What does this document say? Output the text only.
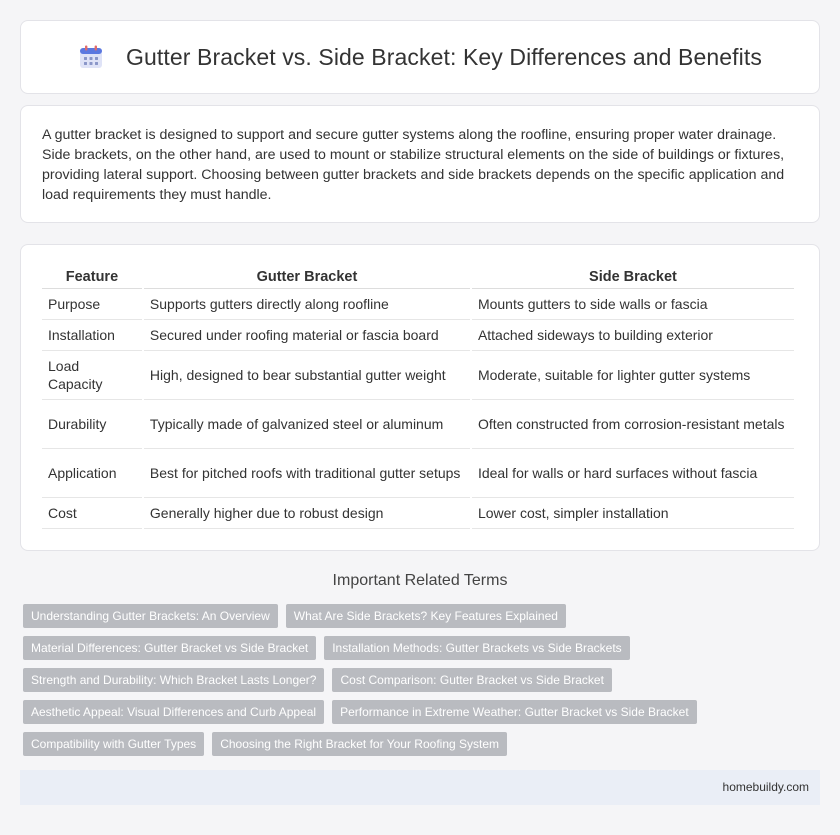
Gutter Bracket vs. Side Bracket: Key Differences and Benefits

A gutter bracket is designed to support and secure gutter systems along the roofline, ensuring proper water drainage. Side brackets, on the other hand, are used to mount or stabilize structural elements on the side of buildings or fixtures, providing lateral support. Choosing between gutter brackets and side brackets depends on the specific application and load requirements they must handle.

Feature	Gutter Bracket	Side Bracket
Purpose	Supports gutters directly along roofline	Mounts gutters to side walls or fascia
Installation	Secured under roofing material or fascia board	Attached sideways to building exterior
Load Capacity	High, designed to bear substantial gutter weight	Moderate, suitable for lighter gutter systems
Durability	Typically made of galvanized steel or aluminum	Often constructed from corrosion-resistant metals
Application	Best for pitched roofs with traditional gutter setups	Ideal for walls or hard surfaces without fascia
Cost	Generally higher due to robust design	Lower cost, simpler installation
Important Related Terms
Understanding Gutter Brackets: An Overview	What Are Side Brackets? Key Features Explained
Material Differences: Gutter Bracket vs Side Bracket	Installation Methods: Gutter Brackets vs Side Brackets
Strength and Durability: Which Bracket Lasts Longer?	Cost Comparison: Gutter Bracket vs Side Bracket
Aesthetic Appeal: Visual Differences and Curb Appeal	Performance in Extreme Weather: Gutter Bracket vs Side Bracket
Compatibility with Gutter Types	Choosing the Right Bracket for Your Roofing System
homebuildy.com
